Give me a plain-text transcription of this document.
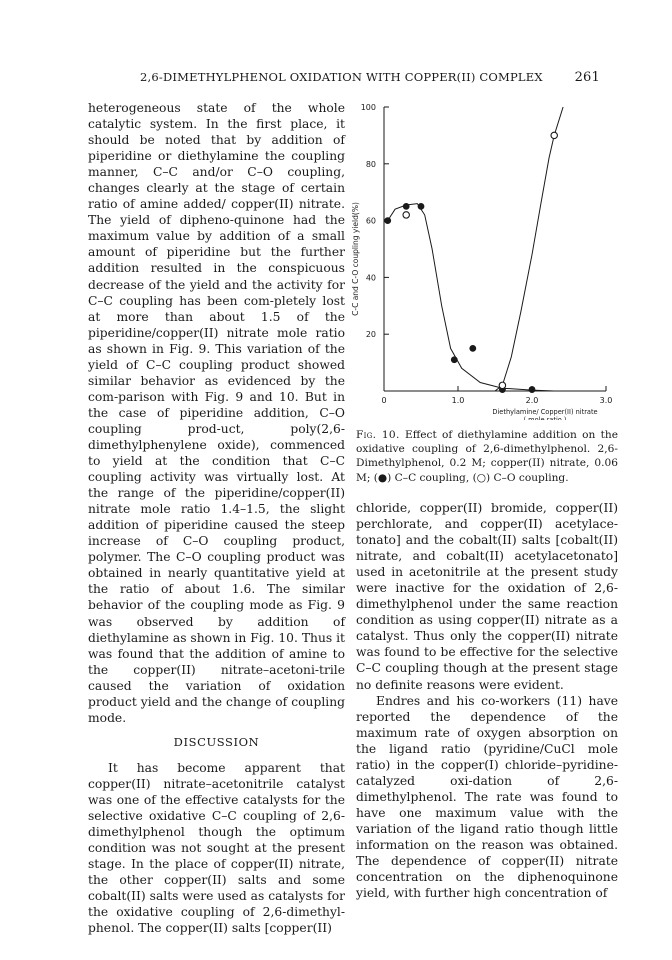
2,6-DIMETHYLPHENOL OXIDATION WITH COPPER(II) COMPLEX 261

heterogeneous state of the whole catalytic system. In the first place, it should be noted that by addition of piperidine or diethylamine the coupling manner, C–C and/or C–O coupling, changes clearly at the stage of certain ratio of amine added/ copper(II) nitrate. The yield of dipheno-quinone had the maximum value by addition of a small amount of piperidine but the further addition resulted in the conspicuous decrease of the yield and the activity for C–C coupling has been com-pletely lost at more than about 1.5 of the piperidine/copper(II) nitrate mole ratio as shown in Fig. 9. This variation of the yield of C–C coupling product showed similar behavior as evidenced by the com-parison with Fig. 9 and 10. But in the case of piperidine addition, C–O coupling prod-uct, poly(2,6-dimethylphenylene oxide), commenced to yield at the condition that C–C coupling activity was virtually lost. At the range of the piperidine/copper(II) nitrate mole ratio 1.4–1.5, the slight addition of piperidine caused the steep increase of C–O coupling product, polymer. The C–O coupling product was obtained in nearly quantitative yield at the ratio of about 1.6. The similar behavior of the coupling mode as Fig. 9 was observed by addition of diethylamine as shown in Fig. 10. Thus it was found that the addition of amine to the copper(II) nitrate–acetoni-trile caused the variation of oxidation product yield and the change of coupling mode.

DISCUSSION

It has become apparent that copper(II) nitrate–acetonitrile catalyst was one of the effective catalysts for the selective oxidative C–C coupling of 2,6-dimethylphenol though the optimum condition was not sought at the present stage. In the place of copper(II) nitrate, the other copper(II) salts and some cobalt(II) salts were used as catalysts for the oxidative coupling of 2,6-dimethyl-phenol. The copper(II) salts [copper(II)

20
40
60
80
100
0	1.0	2.0	3.0
Diethylamine/ Copper(II) nitrate
( mole ratio )
C-C and C-O coupling yield(%)
Fig. 10. Effect of diethylamine addition on the oxidative coupling of 2,6-dimethylphenol. 2,6-Dimethylphenol, 0.2 M; copper(II) nitrate, 0.06 M; (●) C–C coupling, (○) C–O coupling.

chloride, copper(II) bromide, copper(II) perchlorate, and copper(II) acetylace-tonato] and the cobalt(II) salts [cobalt(II) nitrate, and cobalt(II) acetylacetonato] used in acetonitrile at the present study were inactive for the oxidation of 2,6-dimethylphenol under the same reaction condition as using copper(II) nitrate as a catalyst. Thus only the copper(II) nitrate was found to be effective for the selective C–C coupling though at the present stage no definite reasons were evident.

Endres and his co-workers (11) have reported the dependence of the maximum rate of oxygen absorption on the ligand ratio (pyridine/CuCl mole ratio) in the copper(I) chloride–pyridine-catalyzed oxi-dation of 2,6-dimethylphenol. The rate was found to have one maximum value with the variation of the ligand ratio though little information on the reason was obtained. The dependence of copper(II) nitrate concentration on the diphenoquinone yield, with further high concentration of
